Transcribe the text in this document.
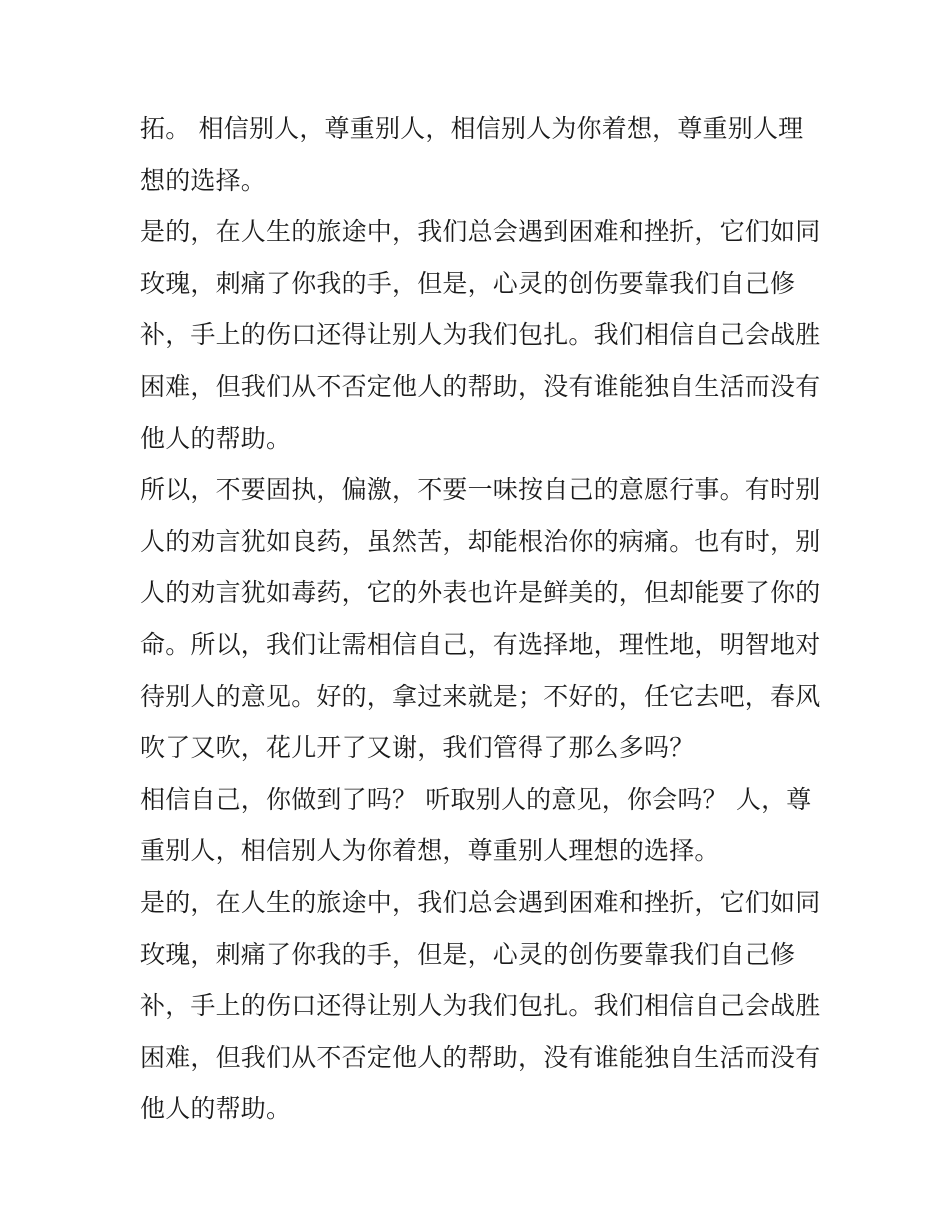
拓。 相信别人，尊重别人，相信别人为你着想，尊重别人理
想的选择。
是的，在人生的旅途中，我们总会遇到困难和挫折，它们如同
玫瑰，刺痛了你我的手，但是，心灵的创伤要靠我们自己修
补，手上的伤口还得让别人为我们包扎。我们相信自己会战胜
困难，但我们从不否定他人的帮助，没有谁能独自生活而没有
他人的帮助。
所以，不要固执，偏激，不要一味按自己的意愿行事。有时别
人的劝言犹如良药，虽然苦，却能根治你的病痛。也有时，别
人的劝言犹如毒药，它的外表也许是鲜美的，但却能要了你的
命。所以，我们让需相信自己，有选择地，理性地，明智地对
待别人的意见。好的，拿过来就是；不好的，任它去吧，春风
吹了又吹，花儿开了又谢，我们管得了那么多吗？
相信自己，你做到了吗？ 听取别人的意见，你会吗？ 人，尊
重别人，相信别人为你着想，尊重别人理想的选择。
是的，在人生的旅途中，我们总会遇到困难和挫折，它们如同
玫瑰，刺痛了你我的手，但是，心灵的创伤要靠我们自己修
补，手上的伤口还得让别人为我们包扎。我们相信自己会战胜
困难，但我们从不否定他人的帮助，没有谁能独自生活而没有
他人的帮助。
